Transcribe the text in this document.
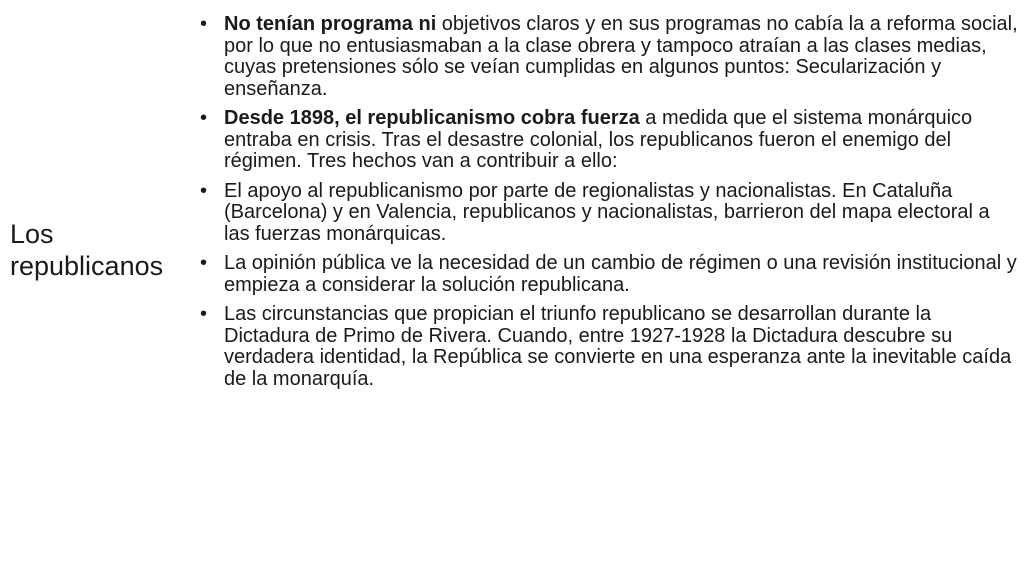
Los republicanos
• No tenían programa ni objetivos claros y en sus programas no cabía la a reforma social, por lo que no entusiasmaban a la clase obrera y tampoco atraían a las clases medias, cuyas pretensiones sólo se veían cumplidas en algunos puntos: Secularización y enseñanza.
• Desde 1898, el republicanismo cobra fuerza a medida que el sistema monárquico entraba en crisis. Tras el desastre colonial, los republicanos fueron el enemigo del régimen. Tres hechos van a contribuir a ello:
• El apoyo al republicanismo por parte de regionalistas y nacionalistas. En Cataluña (Barcelona) y en Valencia, republicanos y nacionalistas, barrieron del mapa electoral a las fuerzas monárquicas.
• La opinión pública ve la necesidad de un cambio de régimen o una revisión institucional y empieza a considerar la solución republicana.
• Las circunstancias que propician el triunfo republicano se desarrollan durante la Dictadura de Primo de Rivera. Cuando, entre 1927-1928 la Dictadura descubre su verdadera identidad, la República se convierte en una esperanza ante la inevitable caída de la monarquía.
